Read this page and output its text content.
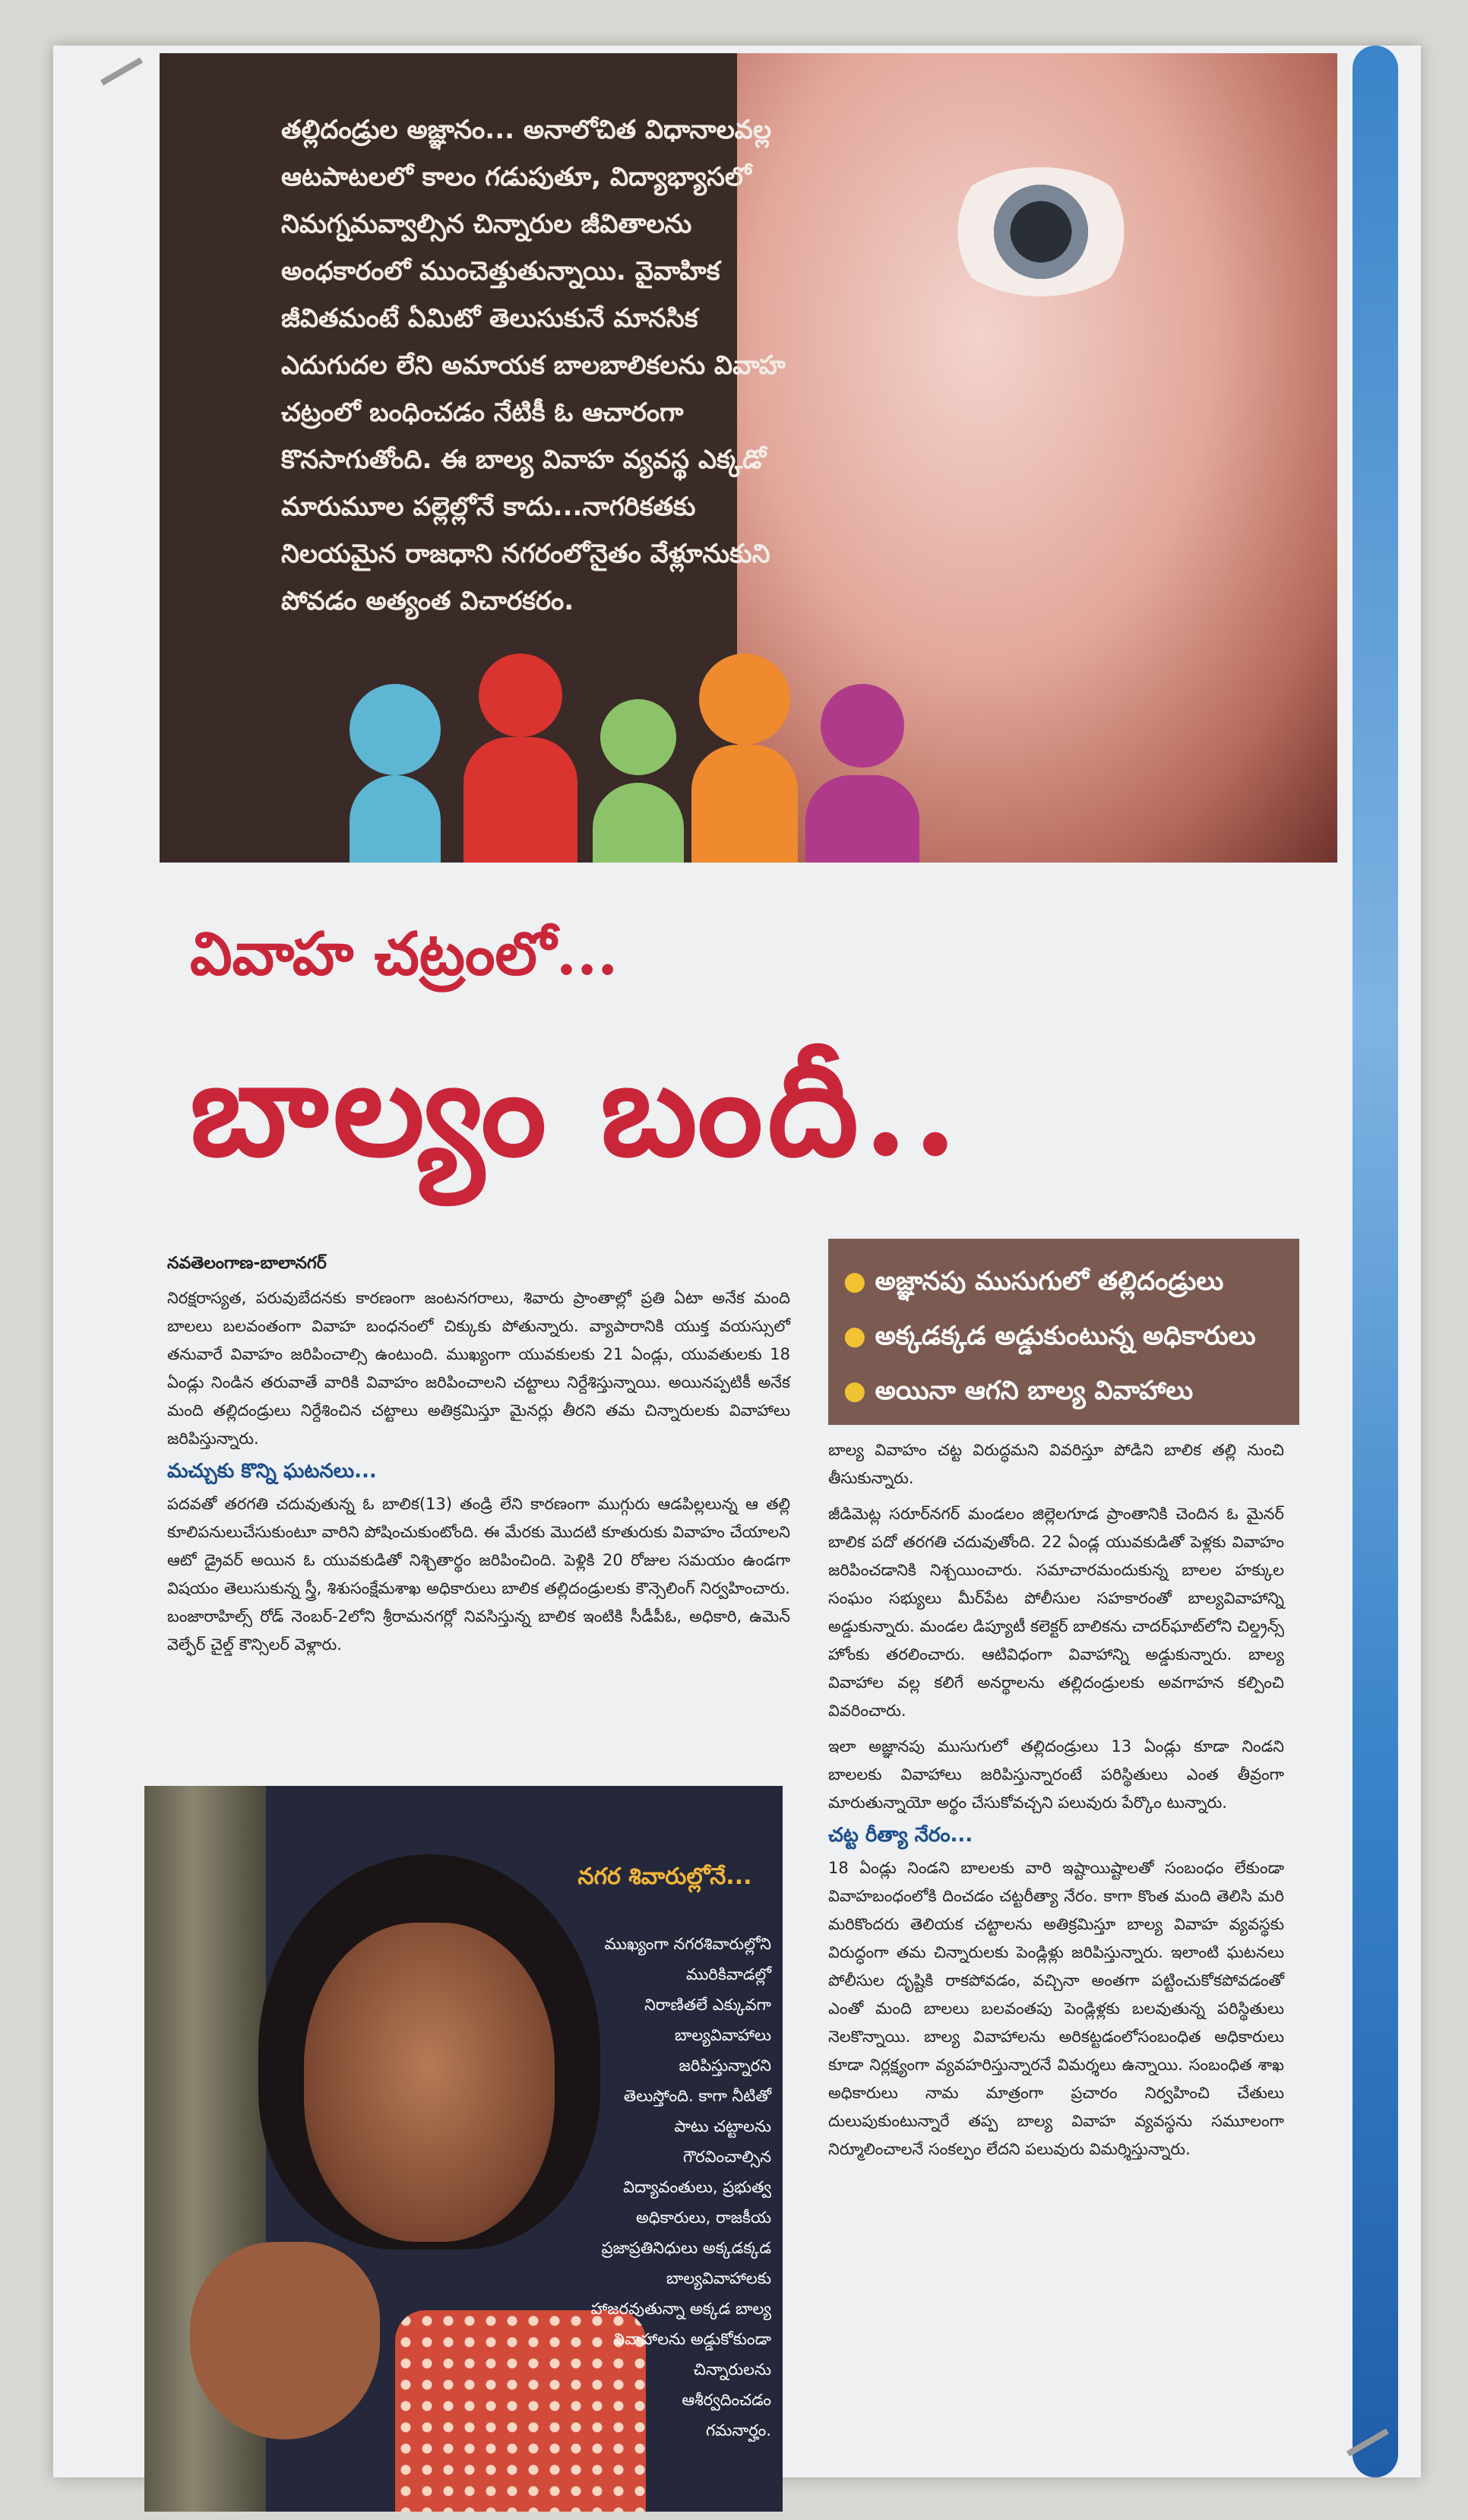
తల్లిదండ్రుల అజ్ఞానం... అనాలోచిత విధానాలవల్ల
ఆటపాటలలో కాలం గడుపుతూ, విద్యాభ్యాసలో
నిమగ్నమవ్వాల్సిన చిన్నారుల జీవితాలను
అంధకారంలో ముంచెత్తుతున్నాయి. వైవాహిక
జీవితమంటే ఏమిటో తెలుసుకునే మానసిక
ఎదుగుదల లేని అమాయక బాలబాలికలను వివాహ
చట్రంలో బంధించడం నేటికీ ఓ ఆచారంగా
కొనసాగుతోంది. ఈ బాల్య వివాహ వ్యవస్థ ఎక్కడో
మారుమూల పల్లెల్లోనే కాదు...నాగరికతకు
నిలయమైన రాజధాని నగరంలోనైతం వేళ్లూనుకుని
పోవడం అత్యంత విచారకరం.
వివాహ చట్రంలో...
బాల్యం బందీ..
నవతెలంగాణ-బాలానగర్
● అజ్ఞానపు ముసుగులో తల్లిదండ్రులు
● అక్కడక్కడ అడ్డుకుంటున్న అధికారులు
● అయినా ఆగని బాల్య వివాహాలు
నిరక్షరాస్యత, పరువుబేదనకు కారణంగా జంటనగరాలు, శివారు ప్రాంతాల్లో ప్రతి ఏటా అనేక మంది బాలలు బలవంతంగా వివాహ బంధనంలో చిక్కుకు పోతున్నారు. వ్యాపారానికి యుక్త వయస్సులో తనువారే వివాహం జరిపించాల్సి ఉంటుంది. ముఖ్యంగా యువకులకు 21 ఏండ్లు, యువతులకు 18 ఏండ్లు నిండిన తరువాతే వారికి వివాహం జరిపించాలని చట్టాలు నిర్దేశిస్తున్నాయి. అయినప్పటికీ అనేక మంది తల్లిదండ్రులు నిర్దేశించిన చట్టాలు అతిక్రమిస్తూ మైనర్లు తీరని తమ చిన్నారులకు వివాహాలు జరిపిస్తున్నారు.
మచ్చుకు కొన్ని ఘటనలు...
పదవతో తరగతి చదువుతున్న ఓ బాలిక(13) తండ్రి లేని కారణంగా ముగ్గురు ఆడపిల్లలున్న ఆ తల్లి కూలిపనులుచేసుకుంటూ వారిని పోషించుకుంటోంది. ఈ మేరకు మొదటి కూతురుకు వివాహం చేయాలని ఆటో డ్రైవర్ అయిన ఓ యువకుడితో నిశ్చితార్థం జరిపించింది. పెళ్లికి 20 రోజుల సమయం ఉండగా విషయం తెలుసుకున్న స్త్రీ, శిశుసంక్షేమశాఖ అధికారులు బాలిక తల్లిదండ్రులకు కౌన్సెలింగ్ నిర్వహించారు. బంజారాహిల్స్ రోడ్ నెంబర్-2లోని శ్రీరామనగర్లో నివసిస్తున్న బాలిక ఇంటికి సీడీపీఓ, అధికారి, ఉమెన్ వెల్ఫేర్ చైల్డ్ కౌన్సిలర్ వెళ్లారు.
బాల్య వివాహం చట్ట విరుద్ధమని వివరిస్తూ పోడిని బాలిక తల్లి నుంచి తీసుకున్నారు.
జీడిమెట్ల సరూర్‌నగర్ మండలం జిల్లెలగూడ ప్రాంతానికి చెందిన ఓ మైనర్ బాలిక పదో తరగతి చదువుతోంది. 22 ఏండ్ల యువకుడితో పెళ్లకు వివాహం జరిపించడానికి నిశ్చయించారు. సమాచారమందుకున్న బాలల హక్కుల సంఘం సభ్యులు మీర్‌పేట పోలీసుల సహకారంతో బాల్యవివాహాన్ని అడ్డుకున్నారు. మండల డిప్యూటీ కలెక్టర్ బాలికను చాదర్‌ఘాట్‌లోని చిల్డ్రన్స్ హోంకు తరలించారు. ఆటివిధంగా వివాహాన్ని అడ్డుకున్నారు. బాల్య వివాహాల వల్ల కలిగే అనర్థాలను తల్లిదండ్రులకు అవగాహన కల్పించి వివరించారు.
ఇలా అజ్ఞానపు ముసుగులో తల్లిదండ్రులు 13 ఏండ్లు కూడా నిండని బాలలకు వివాహాలు జరిపిస్తున్నారంటే పరిస్థితులు ఎంత తీవ్రంగా మారుతున్నాయో అర్థం చేసుకోవచ్చని పలువురు పేర్కొం టున్నారు.
చట్ట రీత్యా నేరం...
18 ఏండ్లు నిండని బాలలకు వారి ఇష్టాయిష్టాలతో సంబంధం లేకుండా వివాహబంధంలోకి దించడం చట్టరీత్యా నేరం. కాగా కొంత మంది తెలిసి మరి మరికొందరు తెలియక చట్టాలను అతిక్రమిస్తూ బాల్య వివాహ వ్యవస్థకు విరుద్ధంగా తమ చిన్నారులకు పెండ్లిళ్లు జరిపిస్తున్నారు. ఇలాంటి ఘటనలు పోలీసుల దృష్టికి రాకపోవడం, వచ్చినా అంతగా పట్టించుకోకపోవడంతో ఎంతో మంది బాలలు బలవంతపు పెండ్లిళ్లకు బలవుతున్న పరిస్థితులు నెలకొన్నాయి. బాల్య వివాహాలను అరికట్టడంలోసంబంధిత అధికారులు కూడా నిర్లక్ష్యంగా వ్యవహరిస్తున్నారనే విమర్శలు ఉన్నాయి. సంబంధిత శాఖ అధికారులు నామ మాత్రంగా ప్రచారం నిర్వహించి చేతులు దులుపుకుంటున్నారే తప్ప బాల్య వివాహ వ్యవస్థను సమూలంగా నిర్మూలించాలనే సంకల్పం లేదని పలువురు విమర్శిస్తున్నారు.

నగర శివారుల్లోనే...

ముఖ్యంగా నగరశివారుల్లోని
మురికివాడల్లో
నిరాణితలే ఎక్కువగా
బాల్యవివాహాలు
జరిపిస్తున్నారని
తెలుస్తోంది. కాగా నీటితో
పాటు చట్టాలను
గౌరవించాల్సిన
విద్యావంతులు, ప్రభుత్వ
అధికారులు, రాజకీయ
ప్రజాప్రతినిధులు అక్కడక్కడ
బాల్యవివాహాలకు
హాజరవుతున్నా అక్కడ బాల్య
వివాహాలను అడ్డుకోకుండా
చిన్నారులను
ఆశీర్వదించడం
గమనార్హం.
